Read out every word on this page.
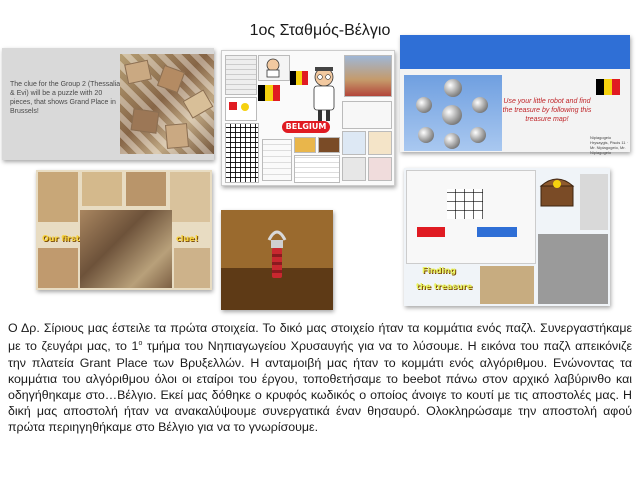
1ος Σταθμός-Βέλγιο
The clue for the Group 2 (Thessalia & Evi) will be a puzzle with 20 pieces, that shows Grand Place in Brussels!
BELGIUM
Use your little robot and find the treasure by following this treasure map!
Nipiagogeio Hrysaygis, Piscis 11 · Mr. Nipiagogeio, Mr. Nipiagogeio
Our first	clue!
Finding
the treasure
Ο Δρ. Σίριους μας έστειλε τα πρώτα στοιχεία. Το δικό μας στοιχείο ήταν τα κομμάτια ενός παζλ. Συνεργαστήκαμε με το ζευγάρι μας, το $1^o$ τμήμα του Νηπιαγωγείου Χρυσαυγής για να το λύσουμε. Η εικόνα του παζλ απεικόνιζε την πλατεία Grant Place των Βρυξελλών. Η ανταμοιβή μας ήταν το κομμάτι ενός αλγόριθμου. Ενώνοντας τα κομμάτια του αλγόριθμου όλοι οι εταίροι του έργου, τοποθετήσαμε το beebot πάνω στον αρχικό λαβύρινθο και οδηγήθηκαμε στο…Βέλγιο. Εκεί μας δόθηκε ο κρυφός κωδικός ο οποίος άνοιγε το κουτί με τις αποστολές μας. Η δική μας αποστολή ήταν να ανακαλύψουμε συνεργατικά έναν θησαυρό. Ολοκληρώσαμε την αποστολή αφού πρώτα περιηγηθήκαμε στο Βέλγιο για να το γνωρίσουμε.
